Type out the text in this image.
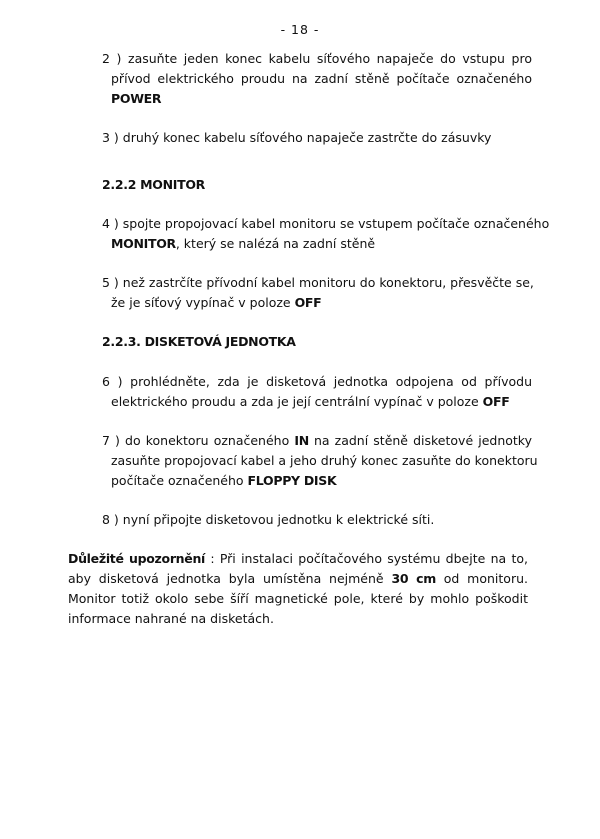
- 18 -
2 ) zasuňte jeden konec kabelu síťového napaječe do vstupu pro
přívod elektrického proudu na zadní stěně počítače označeného
POWER
3 ) druhý konec kabelu síťového napaječe zastrčte do zásuvky
2.2.2 MONITOR
4 ) spojte propojovací kabel monitoru se vstupem počítače označeného
MONITOR, který se nalézá na zadní stěně
5 ) než zastrčíte přívodní kabel monitoru do konektoru, přesvěčte se,
že je síťový vypínač v poloze OFF
2.2.3. DISKETOVÁ JEDNOTKA
6 ) prohlédněte, zda je disketová jednotka odpojena od přívodu
elektrického proudu a zda je její centrální vypínač v poloze OFF
7 ) do konektoru označeného IN na zadní stěně disketové jednotky
zasuňte propojovací kabel a jeho druhý konec zasuňte do konektoru
počítače označeného FLOPPY DISK
8 ) nyní připojte disketovou jednotku k elektrické síti.
Důležité upozornění : Při instalaci počítačového systému dbejte na to,
aby disketová jednotka byla umístěna nejméně 30 cm od monitoru.
Monitor totiž okolo sebe šíří magnetické pole, které by mohlo poškodit
informace nahrané na disketách.
